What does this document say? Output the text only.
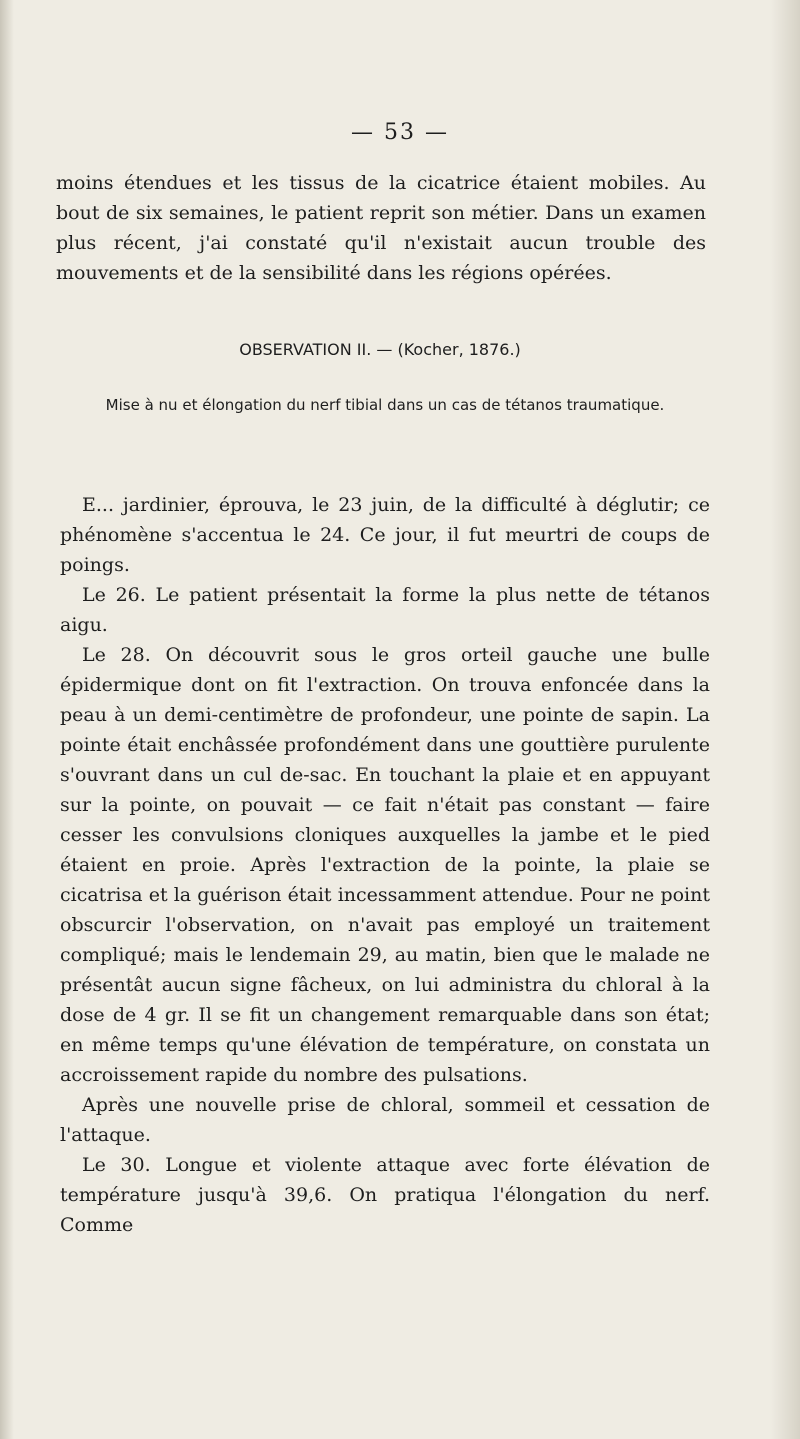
— 53 —
moins étendues et les tissus de la cicatrice étaient mobiles. Au bout de six semaines, le patient reprit son métier. Dans un examen plus récent, j'ai constaté qu'il n'existait aucun trouble des mouvements et de la sensibilité dans les régions opérées.
OBSERVATION II. — (Kocher, 1876.)
Mise à nu et élongation du nerf tibial dans un cas de tétanos traumatique.

E... jardinier, éprouva, le 23 juin, de la difficulté à déglutir; ce phénomène s'accentua le 24. Ce jour, il fut meurtri de coups de poings.

Le 26. Le patient présentait la forme la plus nette de tétanos aigu.

Le 28. On découvrit sous le gros orteil gauche une bulle épidermique dont on fit l'extraction. On trouva enfoncée dans la peau à un demi-centimètre de profondeur, une pointe de sapin. La pointe était enchâssée profondément dans une gouttière purulente s'ouvrant dans un cul de-sac. En touchant la plaie et en appuyant sur la pointe, on pouvait — ce fait n'était pas constant — faire cesser les convulsions cloniques auxquelles la jambe et le pied étaient en proie. Après l'extraction de la pointe, la plaie se cicatrisa et la guérison était incessamment attendue. Pour ne point obscurcir l'observation, on n'avait pas employé un traitement compliqué; mais le lendemain 29, au matin, bien que le malade ne présentât aucun signe fâcheux, on lui administra du chloral à la dose de 4 gr. Il se fit un changement remarquable dans son état; en même temps qu'une élévation de température, on constata un accroissement rapide du nombre des pulsations.

Après une nouvelle prise de chloral, sommeil et cessation de l'attaque.

Le 30. Longue et violente attaque avec forte élévation de température jusqu'à 39,6. On pratiqua l'élongation du nerf. Comme
